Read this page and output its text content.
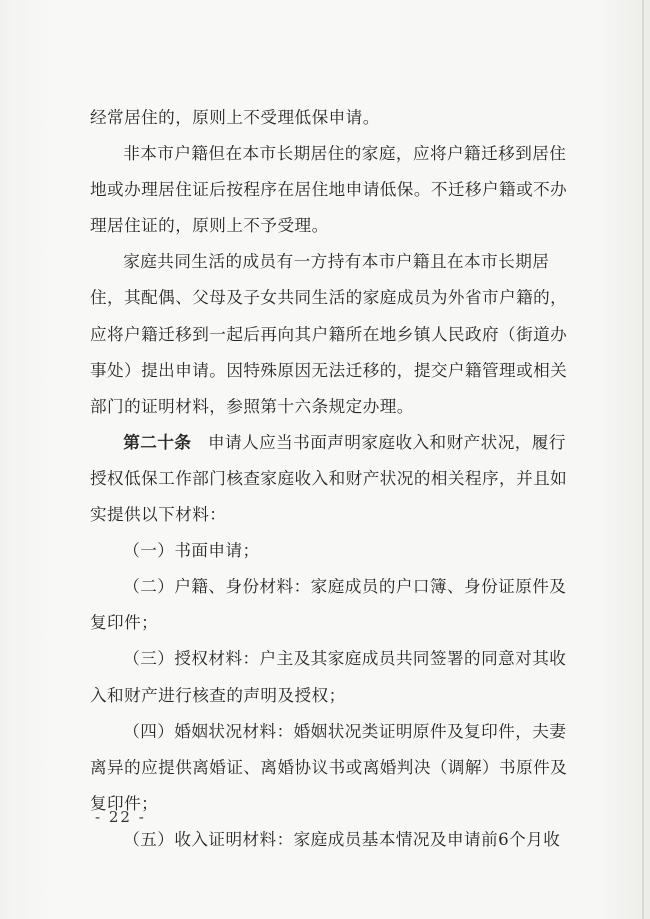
经常居住的，原则上不受理低保申请。

非本市户籍但在本市长期居住的家庭，应将户籍迁移到居住地或办理居住证后按程序在居住地申请低保。不迁移户籍或不办理居住证的，原则上不予受理。

家庭共同生活的成员有一方持有本市户籍且在本市长期居住，其配偶、父母及子女共同生活的家庭成员为外省市户籍的，应将户籍迁移到一起后再向其户籍所在地乡镇人民政府（街道办事处）提出申请。因特殊原因无法迁移的，提交户籍管理或相关部门的证明材料，参照第十六条规定办理。

第二十条 申请人应当书面声明家庭收入和财产状况，履行授权低保工作部门核查家庭收入和财产状况的相关程序，并且如实提供以下材料：

（一）书面申请；

（二）户籍、身份材料：家庭成员的户口簿、身份证原件及复印件；

（三）授权材料：户主及其家庭成员共同签署的同意对其收入和财产进行核查的声明及授权；

（四）婚姻状况材料：婚姻状况类证明原件及复印件，夫妻离异的应提供离婚证、离婚协议书或离婚判决（调解）书原件及复印件；

（五）收入证明材料：家庭成员基本情况及申请前6个月收

- 22 -
